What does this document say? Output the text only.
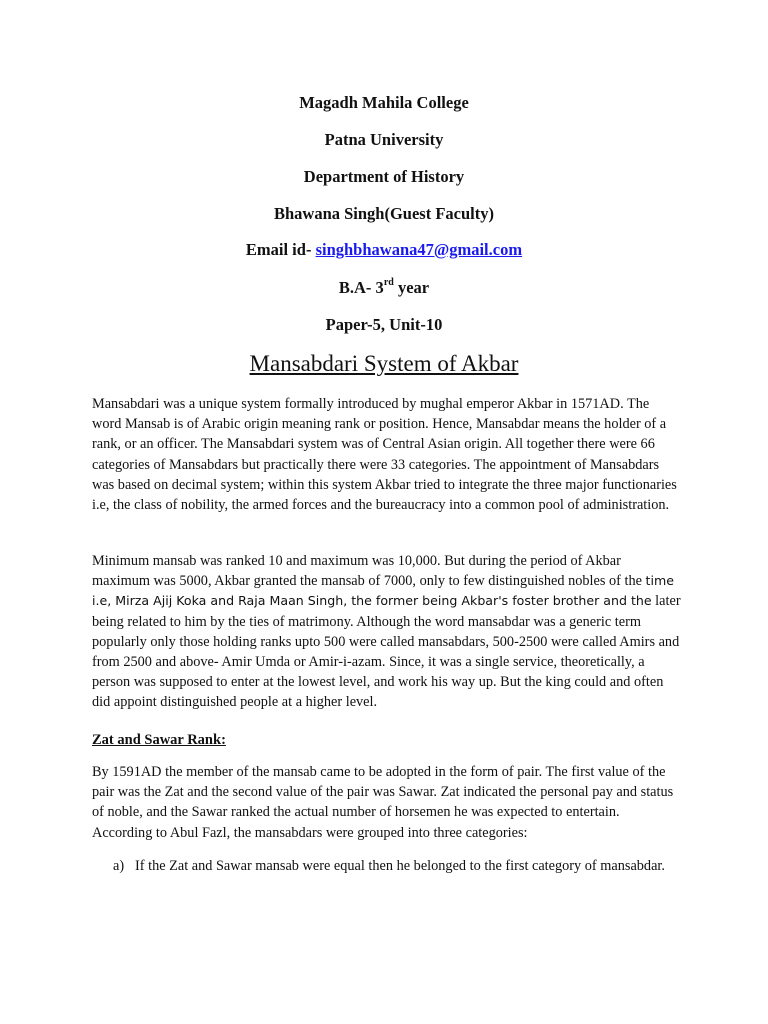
Magadh Mahila College
Patna University
Department of History
Bhawana Singh(Guest Faculty)
Email id- singhbhawana47@gmail.com
B.A- 3rd year
Paper-5, Unit-10
Mansabdari System of Akbar

Mansabdari was a unique system formally introduced by mughal emperor Akbar in 1571AD. The word Mansab is of Arabic origin meaning rank or position. Hence, Mansabdar means the holder of a rank, or an officer. The Mansabdari system was of Central Asian origin. All together there were 66 categories of Mansabdars but practically there were 33 categories. The appointment of Mansabdars was based on decimal system; within this system Akbar tried to integrate the three major functionaries i.e, the class of nobility, the armed forces and the bureaucracy into a common pool of administration.

Minimum mansab was ranked 10 and maximum was 10,000. But during the period of Akbar maximum was 5000, Akbar granted the mansab of 7000, only to few distinguished nobles of the time i.e, Mirza Ajij Koka and Raja Maan Singh, the former being Akbar's foster brother and the later being related to him by the ties of matrimony. Although the word mansabdar was a generic term popularly only those holding ranks upto 500 were called mansabdars, 500-2500 were called Amirs and from 2500 and above- Amir Umda or Amir-i-azam. Since, it was a single service, theoretically, a person was supposed to enter at the lowest level, and work his way up. But the king could and often did appoint distinguished people at a higher level.

Zat and Sawar Rank:

By 1591AD the member of the mansab came to be adopted in the form of pair. The first value of the pair was the Zat and the second value of the pair was Sawar. Zat indicated the personal pay and status of noble, and the Sawar ranked the actual number of horsemen he was expected to entertain. According to Abul Fazl, the mansabdars were grouped into three categories:

a) If the Zat and Sawar mansab were equal then he belonged to the first category of mansabdar.
